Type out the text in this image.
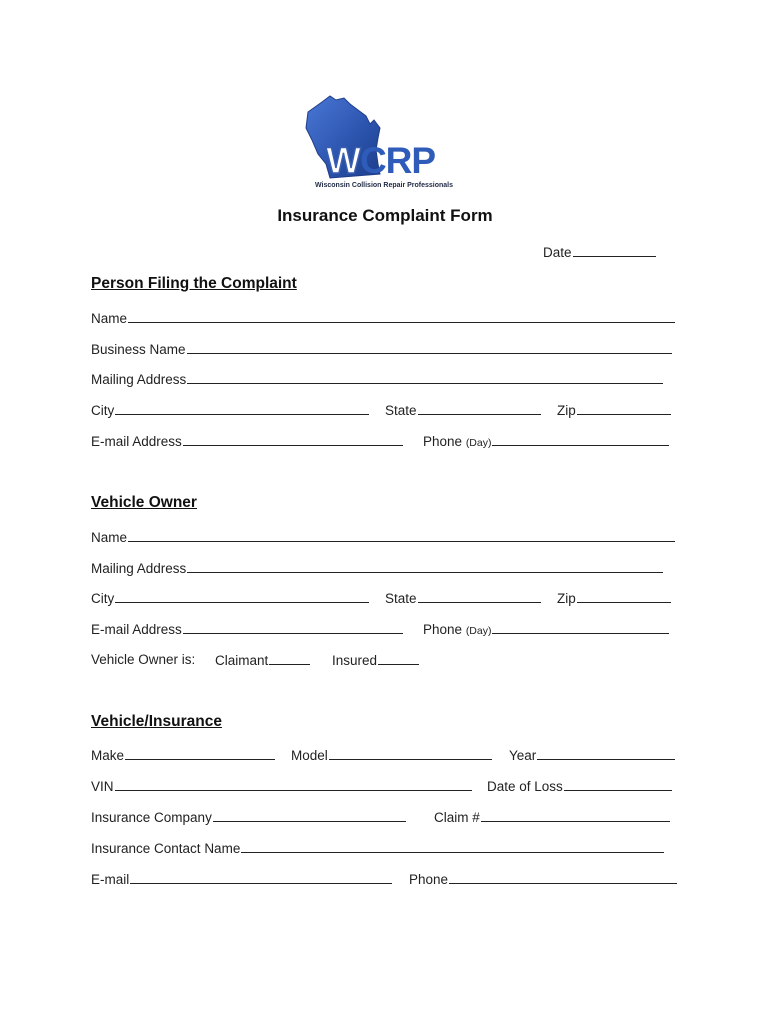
WCRP
Wisconsin Collision Repair Professionals
Insurance Complaint Form
Date
Person Filing the Complaint
Name
Business Name
Mailing Address
City	State	Zip
E-mail Address	Phone (Day)
Vehicle Owner
Name
Mailing Address
City	State	Zip
E-mail Address	Phone (Day)
Vehicle Owner is: Claimant	Insured
Vehicle/Insurance
Make	Model	Year
VIN	Date of Loss
Insurance Company	Claim #
Insurance Contact Name
E-mail	Phone
